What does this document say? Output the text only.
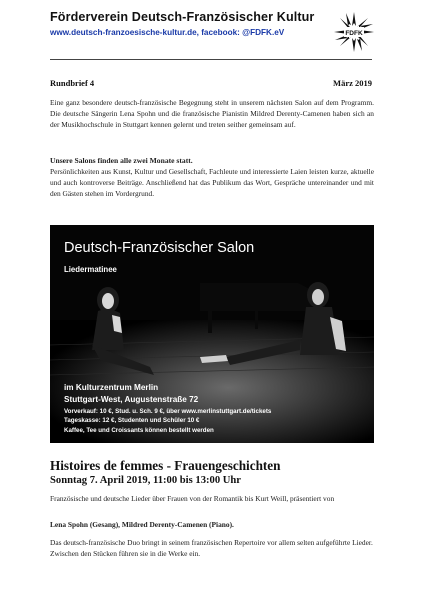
Förderverein Deutsch-Französischer Kultur
www.deutsch-franzoesische-kultur.de, facebook: @FDFK.eV	FDFK
Rundbrief 4	März 2019

Eine ganz besondere deutsch-französische Begegnung steht in unserem nächsten Salon auf dem Programm. Die deutsche Sängerin Lena Spohn und die französische Pianistin Mildred Derenty-Camenen haben sich an der Musikhochschule in Stuttgart kennen gelernt und treten seither gemeinsam auf.

Unsere Salons finden alle zwei Monate statt.

Persönlichkeiten aus Kunst, Kultur und Gesellschaft, Fachleute und interessierte Laien leisten kurze, aktuelle und auch kontroverse Beiträge. Anschließend hat das Publikum das Wort, Gespräche untereinander und mit den Gästen stehen im Vordergrund.

Deutsch-Französischer Salon
Liedermatinee
im Kulturzentrum Merlin
Stuttgart-West, Augustenstraße 72
Vorverkauf: 10 €, Stud. u. Sch. 9 €, über www.merlinstuttgart.de/tickets
Tageskasse: 12 €, Studenten und Schüler 10 €
Kaffee, Tee und Croissants können bestellt werden
Histoires de femmes - Frauengeschichten
Sonntag 7. April 2019, 11:00 bis 13:00 Uhr

Französische und deutsche Lieder über Frauen von der Romantik bis Kurt Weill, präsentiert von

Lena Spohn (Gesang), Mildred Derenty-Camenen (Piano).

Das deutsch-französische Duo bringt in seinem französischen Repertoire vor allem selten aufgeführte Lieder. Zwischen den Stücken führen sie in die Werke ein.
